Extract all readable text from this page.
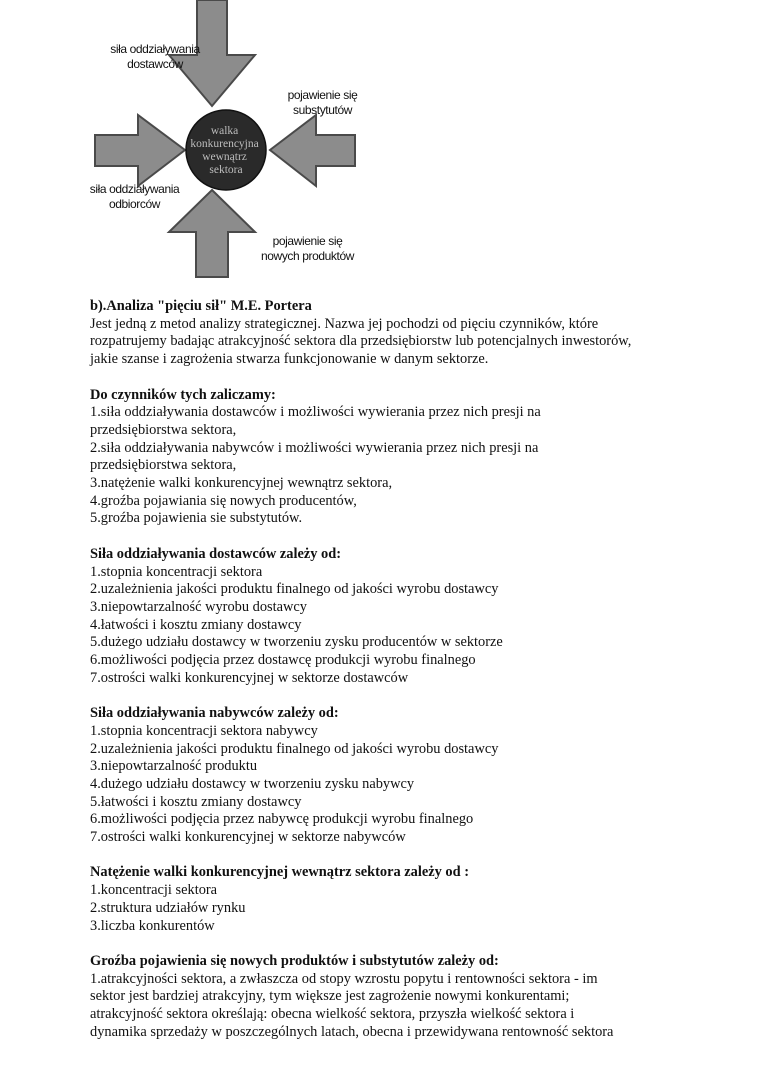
walka konkurencyjna wewnątrz sektora
siła oddziaływania
dostawców
pojawienie się
substytutów
siła oddziaływania
odbiorców
pojawienie się
nowych produktów

b).Analiza "pięciu sił" M.E. Portera

Jest jedną z metod analizy strategicznej. Nazwa jej pochodzi od pięciu czynników, które

rozpatrujemy badając atrakcyjność sektora dla przedsiębiorstw lub potencjalnych inwestorów,

jakie szanse i zagrożenia stwarza funkcjonowanie w danym sektorze.

Do czynników tych zaliczamy:

1.siła oddziaływania dostawców i możliwości wywierania przez nich presji na

przedsiębiorstwa sektora,

2.siła oddziaływania nabywców i możliwości wywierania przez nich presji na

przedsiębiorstwa sektora,

3.natężenie walki konkurencyjnej wewnątrz sektora,

4.groźba pojawiania się nowych producentów,

5.groźba pojawienia sie substytutów.

Siła oddziaływania dostawców zależy od:

1.stopnia koncentracji sektora

2.uzależnienia jakości produktu finalnego od jakości wyrobu dostawcy

3.niepowtarzalność wyrobu dostawcy

4.łatwości i kosztu zmiany dostawcy

5.dużego udziału dostawcy w tworzeniu zysku producentów w sektorze

6.możliwości podjęcia przez dostawcę produkcji wyrobu finalnego

7.ostrości walki konkurencyjnej w sektorze dostawców

Siła oddziaływania nabywców zależy od:

1.stopnia koncentracji sektora nabywcy

2.uzależnienia jakości produktu finalnego od jakości wyrobu dostawcy

3.niepowtarzalność produktu

4.dużego udziału dostawcy w tworzeniu zysku nabywcy

5.łatwości i kosztu zmiany dostawcy

6.możliwości podjęcia przez nabywcę produkcji wyrobu finalnego

7.ostrości walki konkurencyjnej w sektorze nabywców

Natężenie walki konkurencyjnej wewnątrz sektora zależy od :

1.koncentracji sektora

2.struktura udziałów rynku

3.liczba konkurentów

Groźba pojawienia się nowych produktów i substytutów zależy od:

1.atrakcyjności sektora, a zwłaszcza od stopy wzrostu popytu i rentowności sektora - im

sektor jest bardziej atrakcyjny, tym większe jest zagrożenie nowymi konkurentami;

atrakcyjność sektora określają: obecna wielkość sektora, przyszła wielkość sektora i

dynamika sprzedaży w poszczególnych latach, obecna i przewidywana rentowność sektora
